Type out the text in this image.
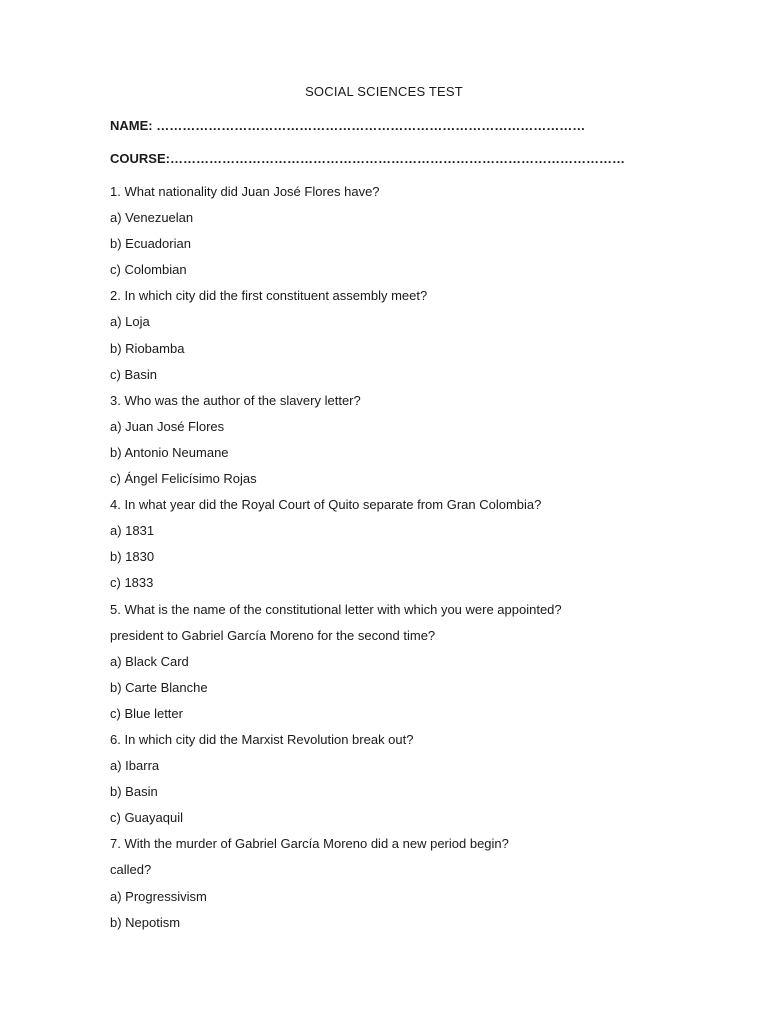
SOCIAL SCIENCES TEST
NAME: ………………………………………………………………………………………
COURSE:……………………………………………………………………………………………
1. What nationality did Juan José Flores have?
a) Venezuelan
b) Ecuadorian
c) Colombian
2. In which city did the first constituent assembly meet?
a) Loja
b) Riobamba
c) Basin
3. Who was the author of the slavery letter?
a) Juan José Flores
b) Antonio Neumane
c) Ángel Felicísimo Rojas
4. In what year did the Royal Court of Quito separate from Gran Colombia?
a) 1831
b) 1830
c) 1833
5. What is the name of the constitutional letter with which you were appointed?
president to Gabriel García Moreno for the second time?
a) Black Card
b) Carte Blanche
c) Blue letter
6. In which city did the Marxist Revolution break out?
a) Ibarra
b) Basin
c) Guayaquil
7. With the murder of Gabriel García Moreno did a new period begin?
called?
a) Progressivism
b) Nepotism
